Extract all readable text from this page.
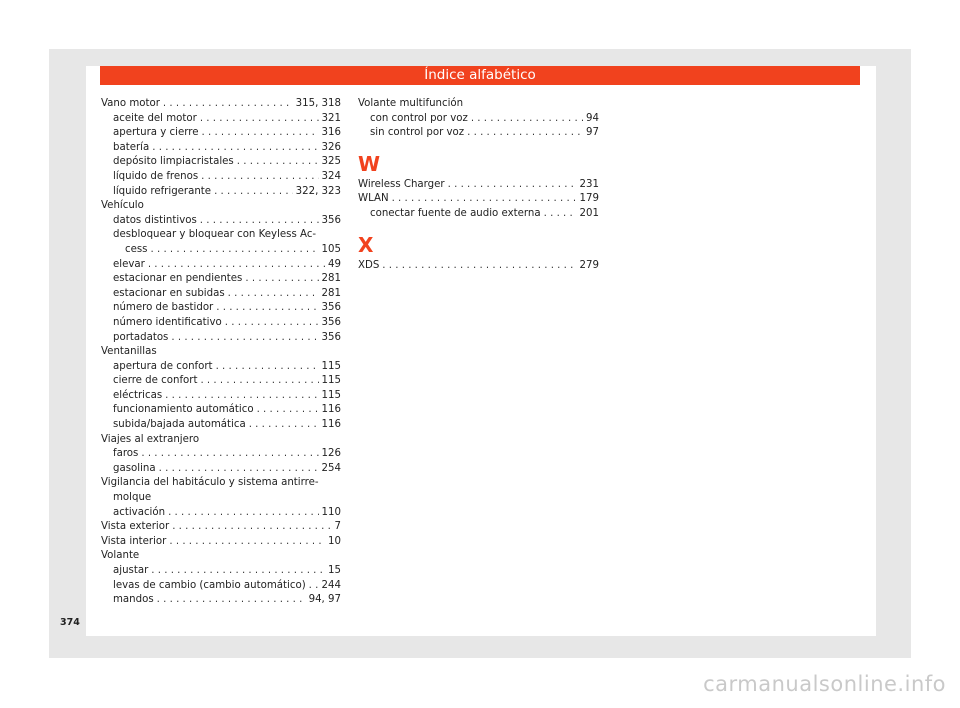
Índice alfabético
Vano motor . . .	315, 318
aceite del motor . . .	321
apertura y cierre . . .	316
batería . . .	326
depósito limpiacristales . . .	325
líquido de frenos . . .	324
líquido refrigerante . . .	322, 323
Vehículo
datos distintivos . . .	356
desbloquear y bloquear con Keyless Ac-
cess . . .	105
elevar . . .	49
estacionar en pendientes . . .	281
estacionar en subidas . . .	281
número de bastidor . . .	356
número identificativo . . .	356
portadatos . . .	356
Ventanillas
apertura de confort . . .	115
cierre de confort . . .	115
eléctricas . . .	115
funcionamiento automático . . .	116
subida/bajada automática . . .	116
Viajes al extranjero
faros . . .	126
gasolina . . .	254
Vigilancia del habitáculo y sistema antirre-
molque
activación . . .	110
Vista exterior . . .	7
Vista interior . . .	10
Volante
ajustar . . .	15
levas de cambio (cambio automático) . . . 244
mandos . . .	94, 97
Volante multifunción
con control por voz . . .	94
sin control por voz . . .	97
W
Wireless Charger . . .	231
WLAN . . .	179
conectar fuente de audio externa . . .	201
X
XDS . . .	279
374
carmanualsonline.info
